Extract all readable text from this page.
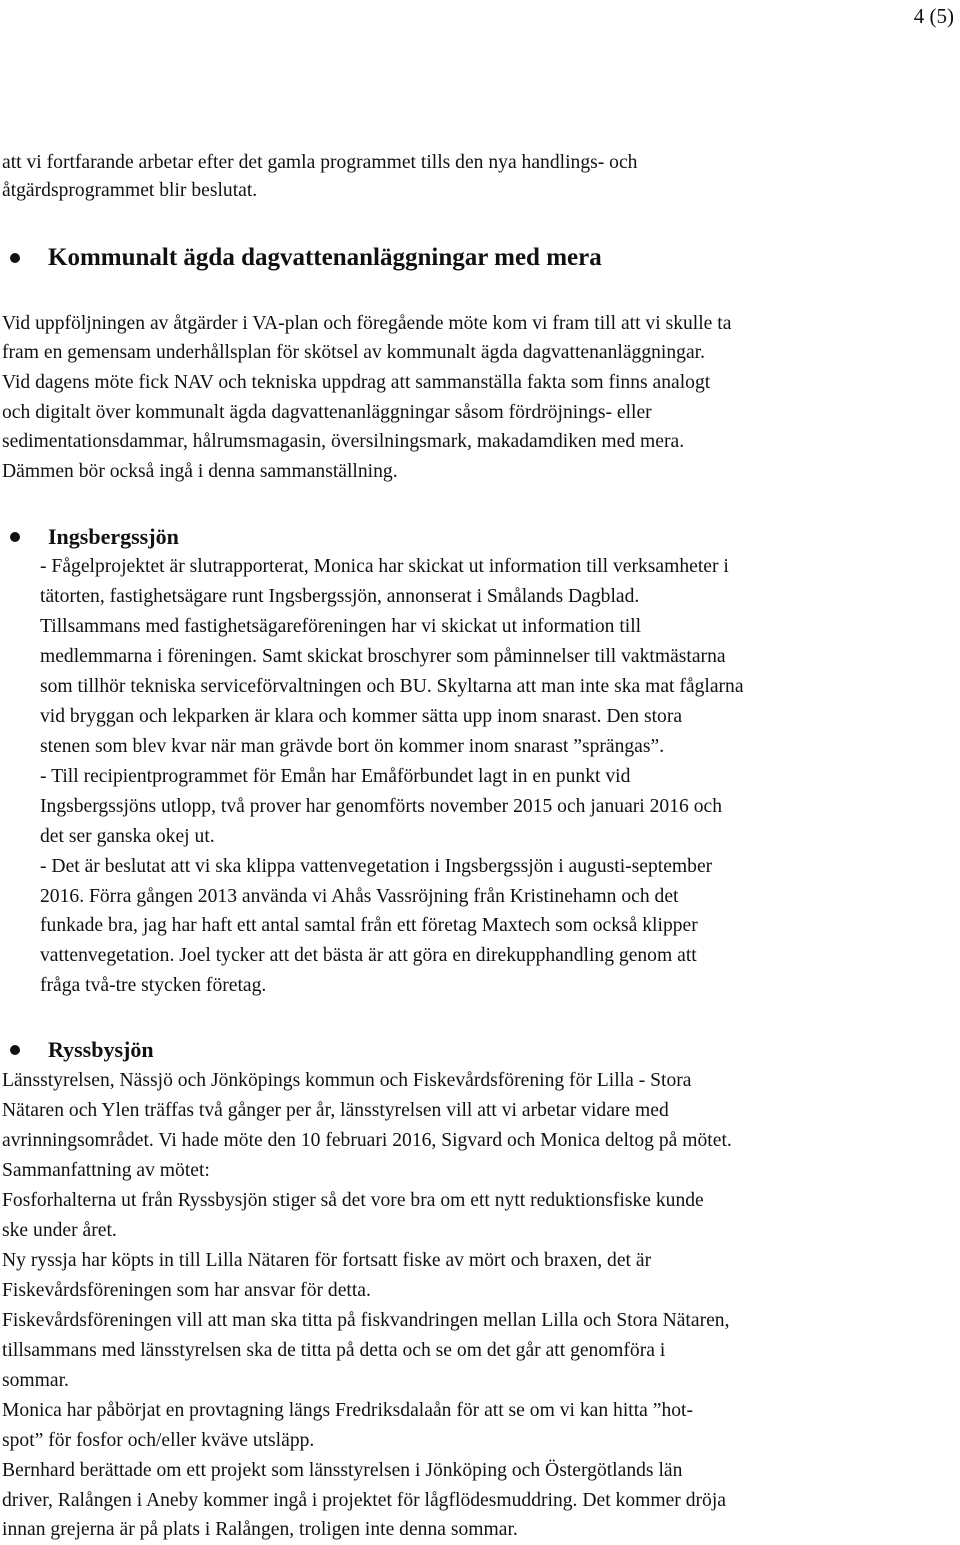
4 (5)
att vi fortfarande arbetar efter det gamla programmet tills den nya handlings- och
åtgärdsprogrammet blir beslutat.
Kommunalt ägda dagvattenanläggningar med mera
Vid uppföljningen av åtgärder i VA-plan och föregående möte kom vi fram till att vi skulle ta
fram en gemensam underhållsplan för skötsel av kommunalt ägda dagvattenanläggningar.
Vid dagens möte fick NAV och tekniska uppdrag att sammanställa fakta som finns analogt
och digitalt över kommunalt ägda dagvattenanläggningar såsom fördröjnings- eller
sedimentationsdammar, hålrumsmagasin, översilningsmark, makadamdiken med mera.
Dämmen bör också ingå i denna sammanställning.
Ingsbergssjön
- Fågelprojektet är slutrapporterat, Monica har skickat ut information till verksamheter i
tätorten, fastighetsägare runt Ingsbergssjön, annonserat i Smålands Dagblad.
Tillsammans med fastighetsägareföreningen har vi skickat ut information till
medlemmarna i föreningen. Samt skickat broschyrer som påminnelser till vaktmästarna
som tillhör tekniska serviceförvaltningen och BU. Skyltarna att man inte ska mat fåglarna
vid bryggan och lekparken är klara och kommer sätta upp inom snarast. Den stora
stenen som blev kvar när man grävde bort ön kommer inom snarast ”sprängas”.
- Till recipientprogrammet för Emån har Emåförbundet lagt in en punkt vid
Ingsbergssjöns utlopp, två prover har genomförts november 2015 och januari 2016 och
det ser ganska okej ut.
- Det är beslutat att vi ska klippa vattenvegetation i Ingsbergssjön i augusti-september
2016. Förra gången 2013 använda vi Ahås Vassröjning från Kristinehamn och det
funkade bra, jag har haft ett antal samtal från ett företag Maxtech som också klipper
vattenvegetation. Joel tycker att det bästa är att göra en direkupphandling genom att
fråga två-tre stycken företag.
Ryssbysjön
Länsstyrelsen, Nässjö och Jönköpings kommun och Fiskevårdsförening för Lilla - Stora
Nätaren och Ylen träffas två gånger per år, länsstyrelsen vill att vi arbetar vidare med
avrinningsområdet. Vi hade möte den 10 februari 2016, Sigvard och Monica deltog på mötet.
Sammanfattning av mötet:
Fosforhalterna ut från Ryssbysjön stiger så det vore bra om ett nytt reduktionsfiske kunde
ske under året.
Ny ryssja har köpts in till Lilla Nätaren för fortsatt fiske av mört och braxen, det är
Fiskevårdsföreningen som har ansvar för detta.
Fiskevårdsföreningen vill att man ska titta på fiskvandringen mellan Lilla och Stora Nätaren,
tillsammans med länsstyrelsen ska de titta på detta och se om det går att genomföra i
sommar.
Monica har påbörjat en provtagning längs Fredriksdalaån för att se om vi kan hitta ”hot-
spot” för fosfor och/eller kväve utsläpp.
Bernhard berättade om ett projekt som länsstyrelsen i Jönköping och Östergötlands län
driver, Ralången i Aneby kommer ingå i projektet för lågflödesmuddring. Det kommer dröja
innan grejerna är på plats i Ralången, troligen inte denna sommar.
